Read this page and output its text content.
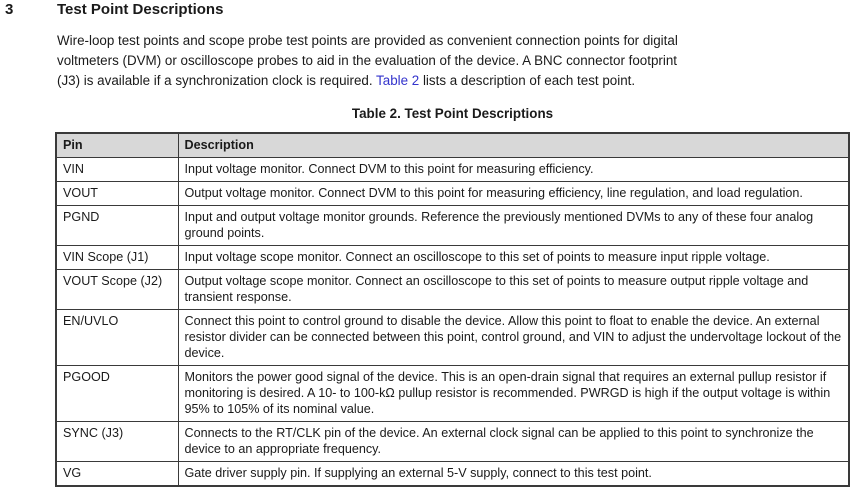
3	Test Point Descriptions
Wire-loop test points and scope probe test points are provided as convenient connection points for digital
voltmeters (DVM) or oscilloscope probes to aid in the evaluation of the device. A BNC connector footprint
(J3) is available if a synchronization clock is required. Table 2 lists a description of each test point.
Table 2. Test Point Descriptions
Pin	Description
VIN	Input voltage monitor. Connect DVM to this point for measuring efficiency.
VOUT	Output voltage monitor. Connect DVM to this point for measuring efficiency, line regulation, and load regulation.
PGND	Input and output voltage monitor grounds. Reference the previously mentioned DVMs to any of these four analog ground points.
VIN Scope (J1)	Input voltage scope monitor. Connect an oscilloscope to this set of points to measure input ripple voltage.
VOUT Scope (J2)	Output voltage scope monitor. Connect an oscilloscope to this set of points to measure output ripple voltage and transient response.
EN/UVLO	Connect this point to control ground to disable the device. Allow this point to float to enable the device. An external resistor divider can be connected between this point, control ground, and VIN to adjust the undervoltage lockout of the device.
PGOOD	Monitors the power good signal of the device. This is an open-drain signal that requires an external pullup resistor if monitoring is desired. A 10- to 100-kΩ pullup resistor is recommended. PWRGD is high if the output voltage is within 95% to 105% of its nominal value.
SYNC (J3)	Connects to the RT/CLK pin of the device. An external clock signal can be applied to this point to synchronize the device to an appropriate frequency.
VG	Gate driver supply pin. If supplying an external 5-V supply, connect to this test point.
